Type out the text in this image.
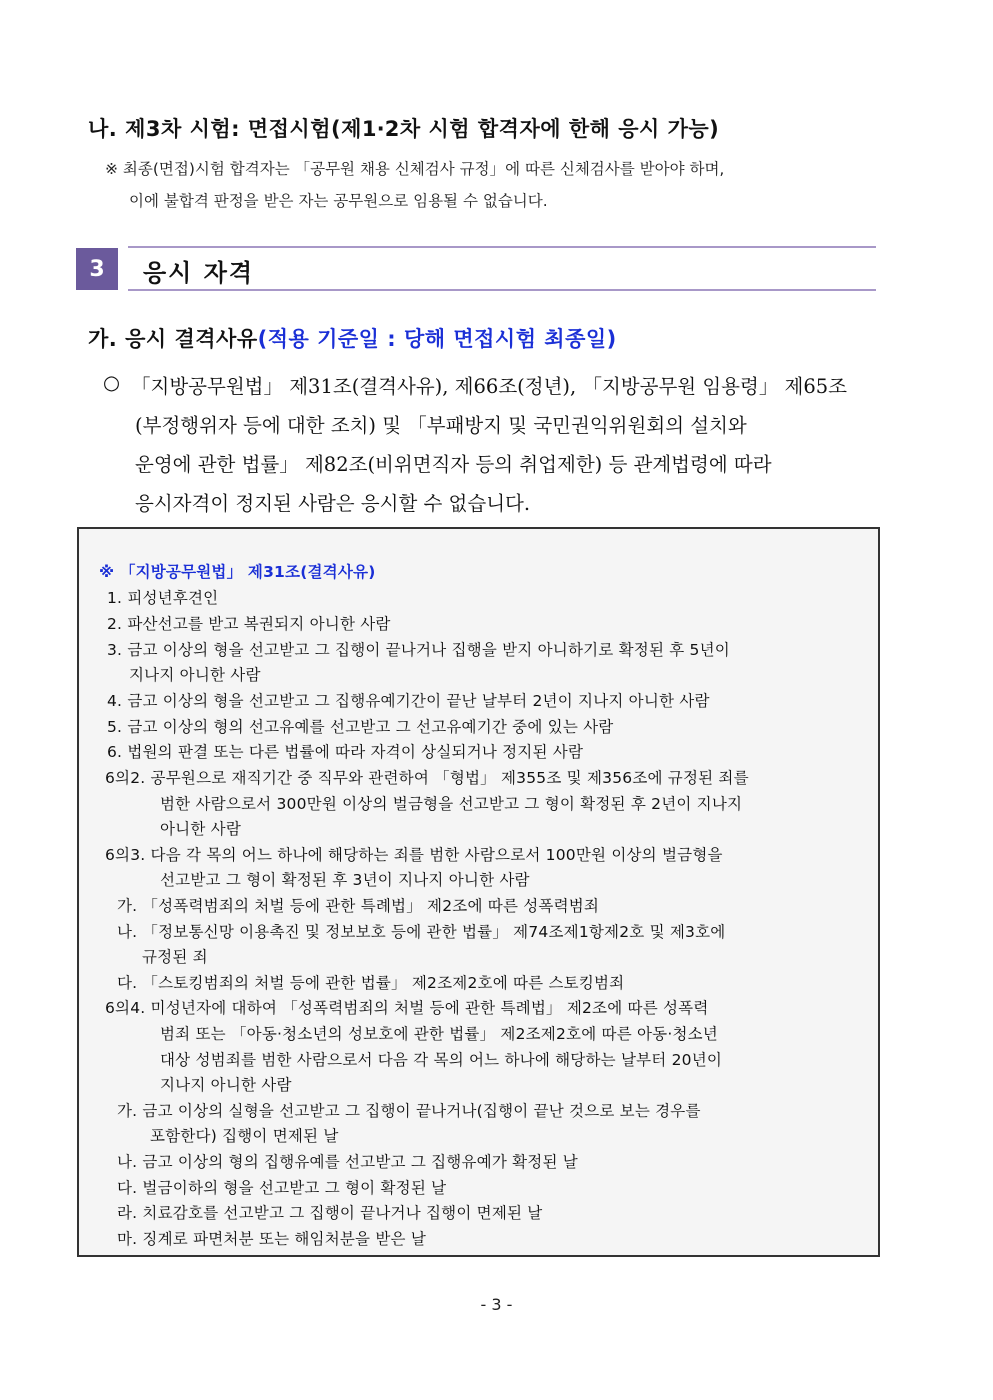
나. 제3차 시험: 면접시험(제1‧2차 시험 합격자에 한해 응시 가능)
※ 최종(면접)시험 합격자는 「공무원 채용 신체검사 규정」에 따른 신체검사를 받아야 하며,
이에 불합격 판정을 받은 자는 공무원으로 임용될 수 없습니다.
3	응시 자격
가. 응시 결격사유(적용 기준일 : 당해 면접시험 최종일)
○ 「지방공무원법」 제31조(결격사유), 제66조(정년), 「지방공무원 임용령」 제65조
(부정행위자 등에 대한 조치) 및 「부패방지 및 국민권익위원회의 설치와
운영에 관한 법률」 제82조(비위면직자 등의 취업제한) 등 관계법령에 따라
응시자격이 정지된 사람은 응시할 수 없습니다.
※ 「지방공무원법」 제31조(결격사유)
1. 피성년후견인
2. 파산선고를 받고 복권되지 아니한 사람
3. 금고 이상의 형을 선고받고 그 집행이 끝나거나 집행을 받지 아니하기로 확정된 후 5년이
지나지 아니한 사람
4. 금고 이상의 형을 선고받고 그 집행유예기간이 끝난 날부터 2년이 지나지 아니한 사람
5. 금고 이상의 형의 선고유예를 선고받고 그 선고유예기간 중에 있는 사람
6. 법원의 판결 또는 다른 법률에 따라 자격이 상실되거나 정지된 사람
6의2. 공무원으로 재직기간 중 직무와 관련하여 「형법」 제355조 및 제356조에 규정된 죄를
범한 사람으로서 300만원 이상의 벌금형을 선고받고 그 형이 확정된 후 2년이 지나지
아니한 사람
6의3. 다음 각 목의 어느 하나에 해당하는 죄를 범한 사람으로서 100만원 이상의 벌금형을
선고받고 그 형이 확정된 후 3년이 지나지 아니한 사람
가. 「성폭력범죄의 처벌 등에 관한 특례법」 제2조에 따른 성폭력범죄
나. 「정보통신망 이용촉진 및 정보보호 등에 관한 법률」 제74조제1항제2호 및 제3호에
규정된 죄
다. 「스토킹범죄의 처벌 등에 관한 법률」 제2조제2호에 따른 스토킹범죄
6의4. 미성년자에 대하여 「성폭력범죄의 처벌 등에 관한 특례법」 제2조에 따른 성폭력
범죄 또는 「아동‧청소년의 성보호에 관한 법률」 제2조제2호에 따른 아동‧청소년
대상 성범죄를 범한 사람으로서 다음 각 목의 어느 하나에 해당하는 날부터 20년이
지나지 아니한 사람
가. 금고 이상의 실형을 선고받고 그 집행이 끝나거나(집행이 끝난 것으로 보는 경우를
포함한다) 집행이 면제된 날
나. 금고 이상의 형의 집행유예를 선고받고 그 집행유예가 확정된 날
다. 벌금이하의 형을 선고받고 그 형이 확정된 날
라. 치료감호를 선고받고 그 집행이 끝나거나 집행이 면제된 날
마. 징계로 파면처분 또는 해임처분을 받은 날
- 3 -
